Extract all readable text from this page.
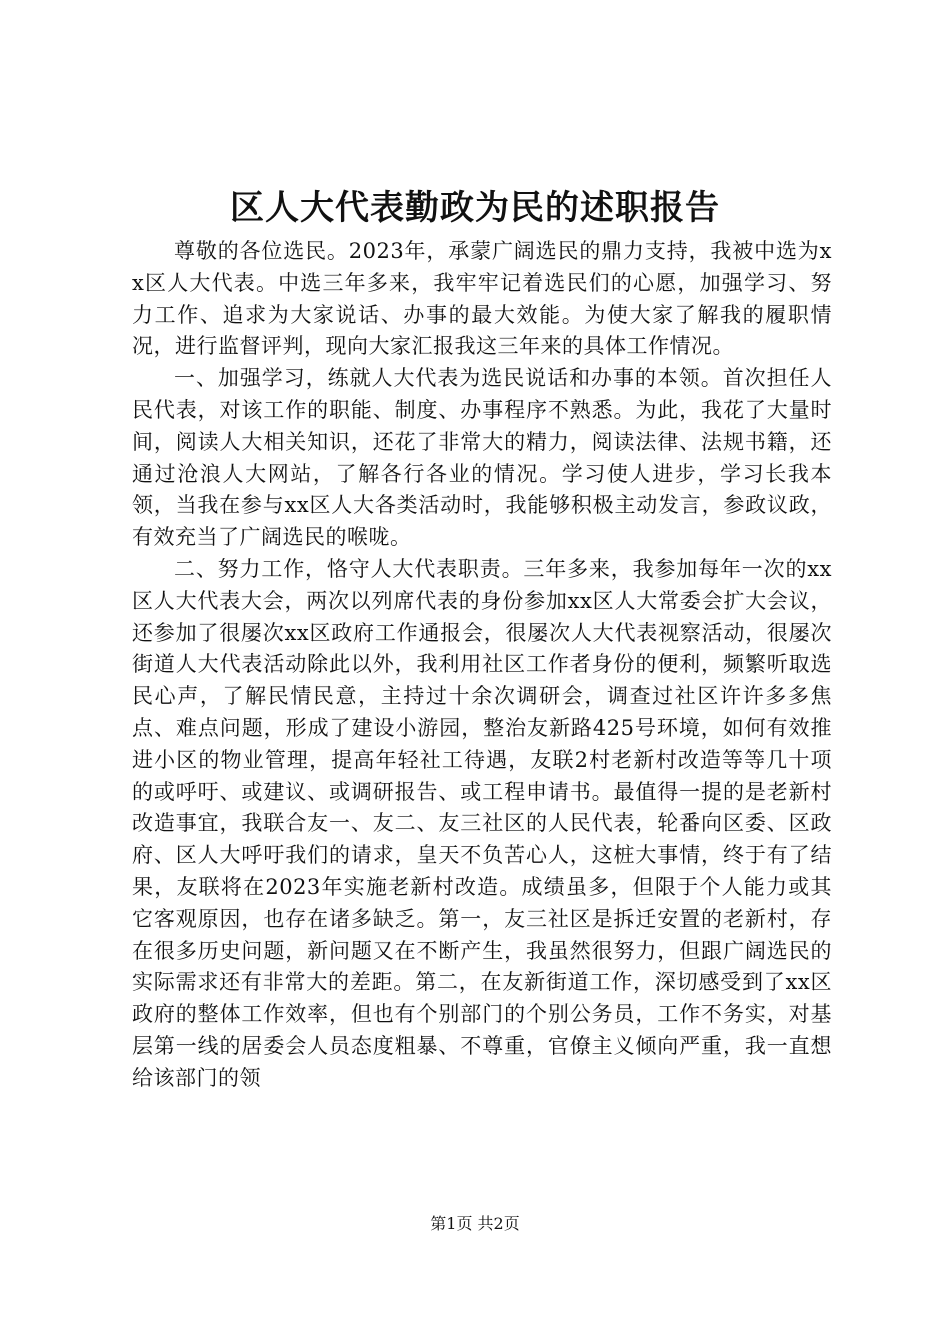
区人大代表勤政为民的述职报告

尊敬的各位选民。2023年，承蒙广阔选民的鼎力支持，我被中选为xx区人大代表。中选三年多来，我牢牢记着选民们的心愿，加强学习、努力工作、追求为大家说话、办事的最大效能。为使大家了解我的履职情况，进行监督评判，现向大家汇报我这三年来的具体工作情况。

一、加强学习，练就人大代表为选民说话和办事的本领。首次担任人民代表，对该工作的职能、制度、办事程序不熟悉。为此，我花了大量时间，阅读人大相关知识，还花了非常大的精力，阅读法律、法规书籍，还通过沧浪人大网站，了解各行各业的情况。学习使人进步，学习长我本领，当我在参与xx区人大各类活动时，我能够积极主动发言，参政议政，有效充当了广阔选民的喉咙。

二、努力工作，恪守人大代表职责。三年多来，我参加每年一次的xx区人大代表大会，两次以列席代表的身份参加xx区人大常委会扩大会议，还参加了很屡次xx区政府工作通报会，很屡次人大代表视察活动，很屡次街道人大代表活动除此以外，我利用社区工作者身份的便利，频繁听取选民心声，了解民情民意，主持过十余次调研会，调查过社区许许多多焦点、难点问题，形成了建设小游园，整治友新路425号环境，如何有效推进小区的物业管理，提高年轻社工待遇，友联2村老新村改造等等几十项的或呼吁、或建议、或调研报告、或工程申请书。最值得一提的是老新村改造事宜，我联合友一、友二、友三社区的人民代表，轮番向区委、区政府、区人大呼吁我们的请求，皇天不负苦心人，这桩大事情，终于有了结果，友联将在2023年实施老新村改造。成绩虽多，但限于个人能力或其它客观原因，也存在诸多缺乏。第一，友三社区是拆迁安置的老新村，存在很多历史问题，新问题又在不断产生，我虽然很努力，但跟广阔选民的实际需求还有非常大的差距。第二，在友新街道工作，深切感受到了xx区政府的整体工作效率，但也有个别部门的个别公务员，工作不务实，对基层第一线的居委会人员态度粗暴、不尊重，官僚主义倾向严重，我一直想给该部门的领

第1页 共2页
